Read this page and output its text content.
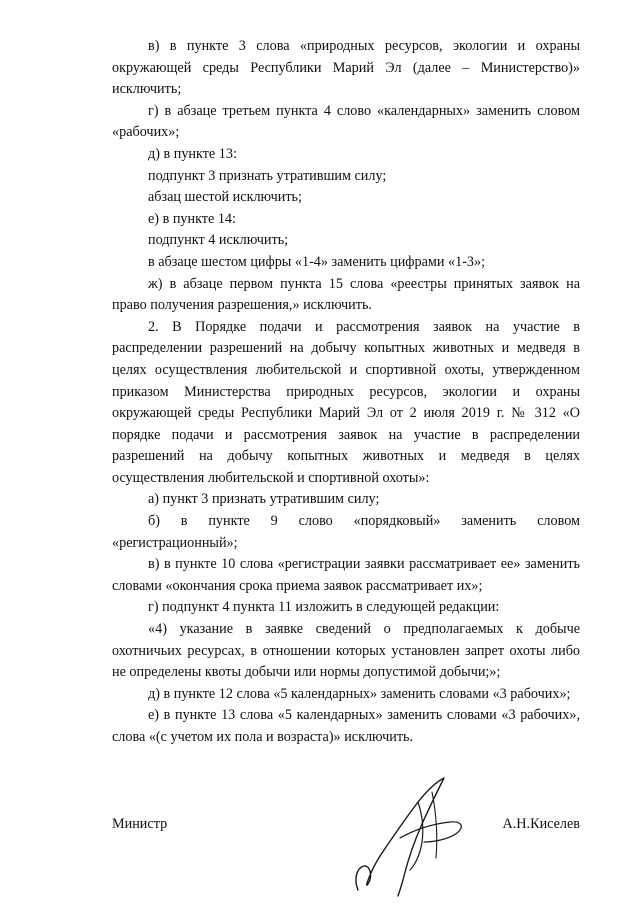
в) в пункте 3 слова «природных ресурсов, экологии и охраны окружающей среды Республики Марий Эл (далее – Министерство)» исключить;

г) в абзаце третьем пункта 4 слово «календарных» заменить словом «рабочих»;

д) в пункте 13:

подпункт 3 признать утратившим силу;

абзац шестой исключить;

е) в пункте 14:

подпункт 4 исключить;

в абзаце шестом цифры «1-4» заменить цифрами «1-3»;

ж) в абзаце первом пункта 15 слова «реестры принятых заявок на право получения разрешения,» исключить.

2. В Порядке подачи и рассмотрения заявок на участие в распределении разрешений на добычу копытных животных и медведя в целях осуществления любительской и спортивной охоты, утвержденном приказом Министерства природных ресурсов, экологии и охраны окружающей среды Республики Марий Эл от 2 июля 2019 г. № 312 «О порядке подачи и рассмотрения заявок на участие в распределении разрешений на добычу копытных животных и медведя в целях осуществления любительской и спортивной охоты»:

а) пункт 3 признать утратившим силу;

б) в пункте 9 слово «порядковый» заменить словом «регистрационный»;

в) в пункте 10 слова «регистрации заявки рассматривает ее» заменить словами «окончания срока приема заявок рассматривает их»;

г) подпункт 4 пункта 11 изложить в следующей редакции:

«4) указание в заявке сведений о предполагаемых к добыче охотничьих ресурсах, в отношении которых установлен запрет охоты либо не определены квоты добычи или нормы допустимой добычи;»;

д) в пункте 12 слова «5 календарных» заменить словами «3 рабочих»;

е) в пункте 13 слова «5 календарных» заменить словами «3 рабочих», слова «(с учетом их пола и возраста)» исключить.

Министр	А.Н.Киселев
